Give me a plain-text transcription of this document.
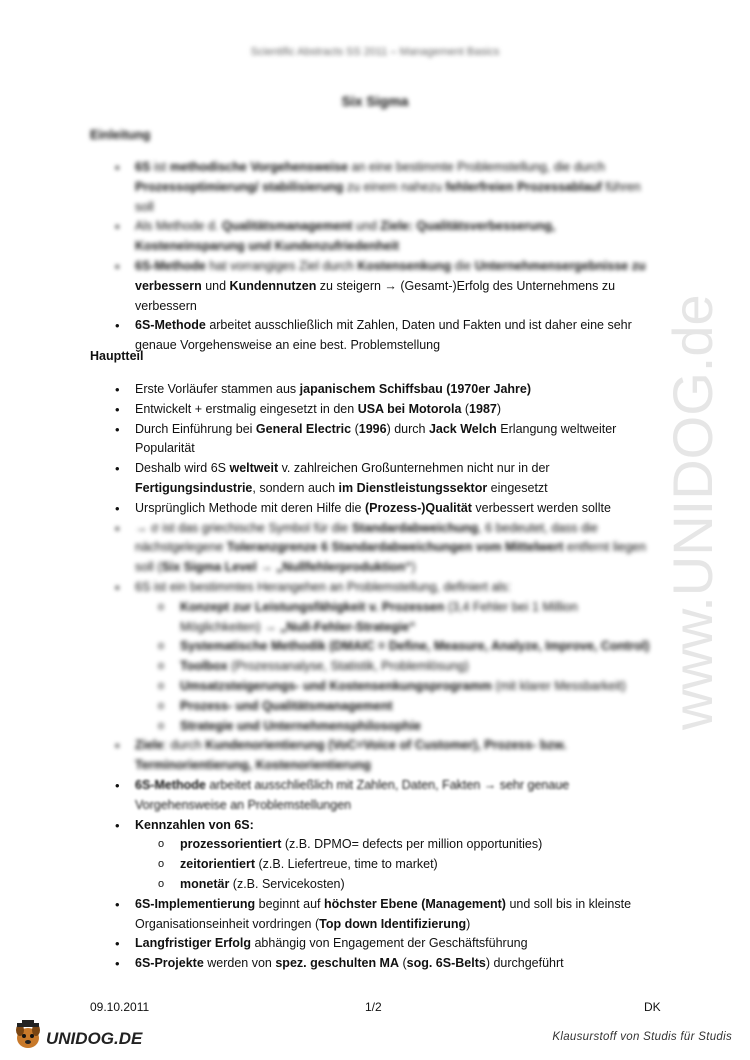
Scientific Abstracts SS 2011 – Management Basics
Six Sigma
Einleitung
• 6S ist methodische Vorgehensweise an eine bestimmte Problemstellung, die durch Prozessoptimierung/ stabilisierung zu einem nahezu fehlerfreien Prozessablauf führen soll
• Als Methode d. Qualitätsmanagement und Ziele: Qualitätsverbesserung, Kosteneinsparung und Kundenzufriedenheit
• 6S-Methode hat vorrangiges Ziel durch Kostensenkung die Unternehmensergebnisse zu
verbessern und Kundennutzen zu steigern → (Gesamt-)Erfolg des Unternehmens zu verbessern
• 6S-Methode arbeitet ausschließlich mit Zahlen, Daten und Fakten und ist daher eine sehr genaue Vorgehensweise an eine best. Problemstellung
Hauptteil
• Erste Vorläufer stammen aus japanischem Schiffsbau (1970er Jahre)
• Entwickelt + erstmalig eingesetzt in den USA bei Motorola (1987)
• Durch Einführung bei General Electric (1996) durch Jack Welch Erlangung weltweiter Popularität
• Deshalb wird 6S weltweit v. zahlreichen Großunternehmen nicht nur in der Fertigungsindustrie, sondern auch im Dienstleistungssektor eingesetzt
• Ursprünglich Methode mit deren Hilfe die (Prozess-)Qualität verbessert werden sollte
• → σ ist das griechische Symbol für die Standardabweichung, 6 bedeutet, dass die nächstgelegene Toleranzgrenze 6 Standardabweichungen vom Mittelwert entfernt liegen soll (Six Sigma Level → „Nullfehlerproduktion“)
• 6S ist ein bestimmtes Herangehen an Problemstellung, definiert als:
o Konzept zur Leistungsfähigkeit v. Prozessen (3,4 Fehler bei 1 Million Möglichkeiten) → „Null-Fehler-Strategie“
o Systematische Methodik (DMAIC = Define, Measure, Analyze, Improve, Control)
o Toolbox (Prozessanalyse, Statistik, Problemlösung)
o Umsatzsteigerungs- und Kostensenkungsprogramm (mit klarer Messbarkeit)
o Prozess- und Qualitätsmanagement
o Strategie und Unternehmensphilosophie
• Ziele: durch Kundenorientierung (VoC=Voice of Customer), Prozess- bzw. Terminorientierung, Kostenorientierung
• 6S-Methode arbeitet ausschließlich mit Zahlen, Daten, Fakten → sehr genaue Vorgehensweise an Problemstellungen
• Kennzahlen von 6S:
o prozessorientiert (z.B. DPMO= defects per million opportunities)
o zeitorientiert (z.B. Liefertreue, time to market)
o monetär (z.B. Servicekosten)
• 6S-Implementierung beginnt auf höchster Ebene (Management) und soll bis in kleinste Organisationseinheit vordringen (Top down Identifizierung)
• Langfristiger Erfolg abhängig von Engagement der Geschäftsführung
• 6S-Projekte werden von spez. geschulten MA (sog. 6S-Belts) durchgeführt
www.UNIDOG.de
09.10.2011	1/2	DK
UNIDOG.DE	Klausurstoff von Studis für Studis
